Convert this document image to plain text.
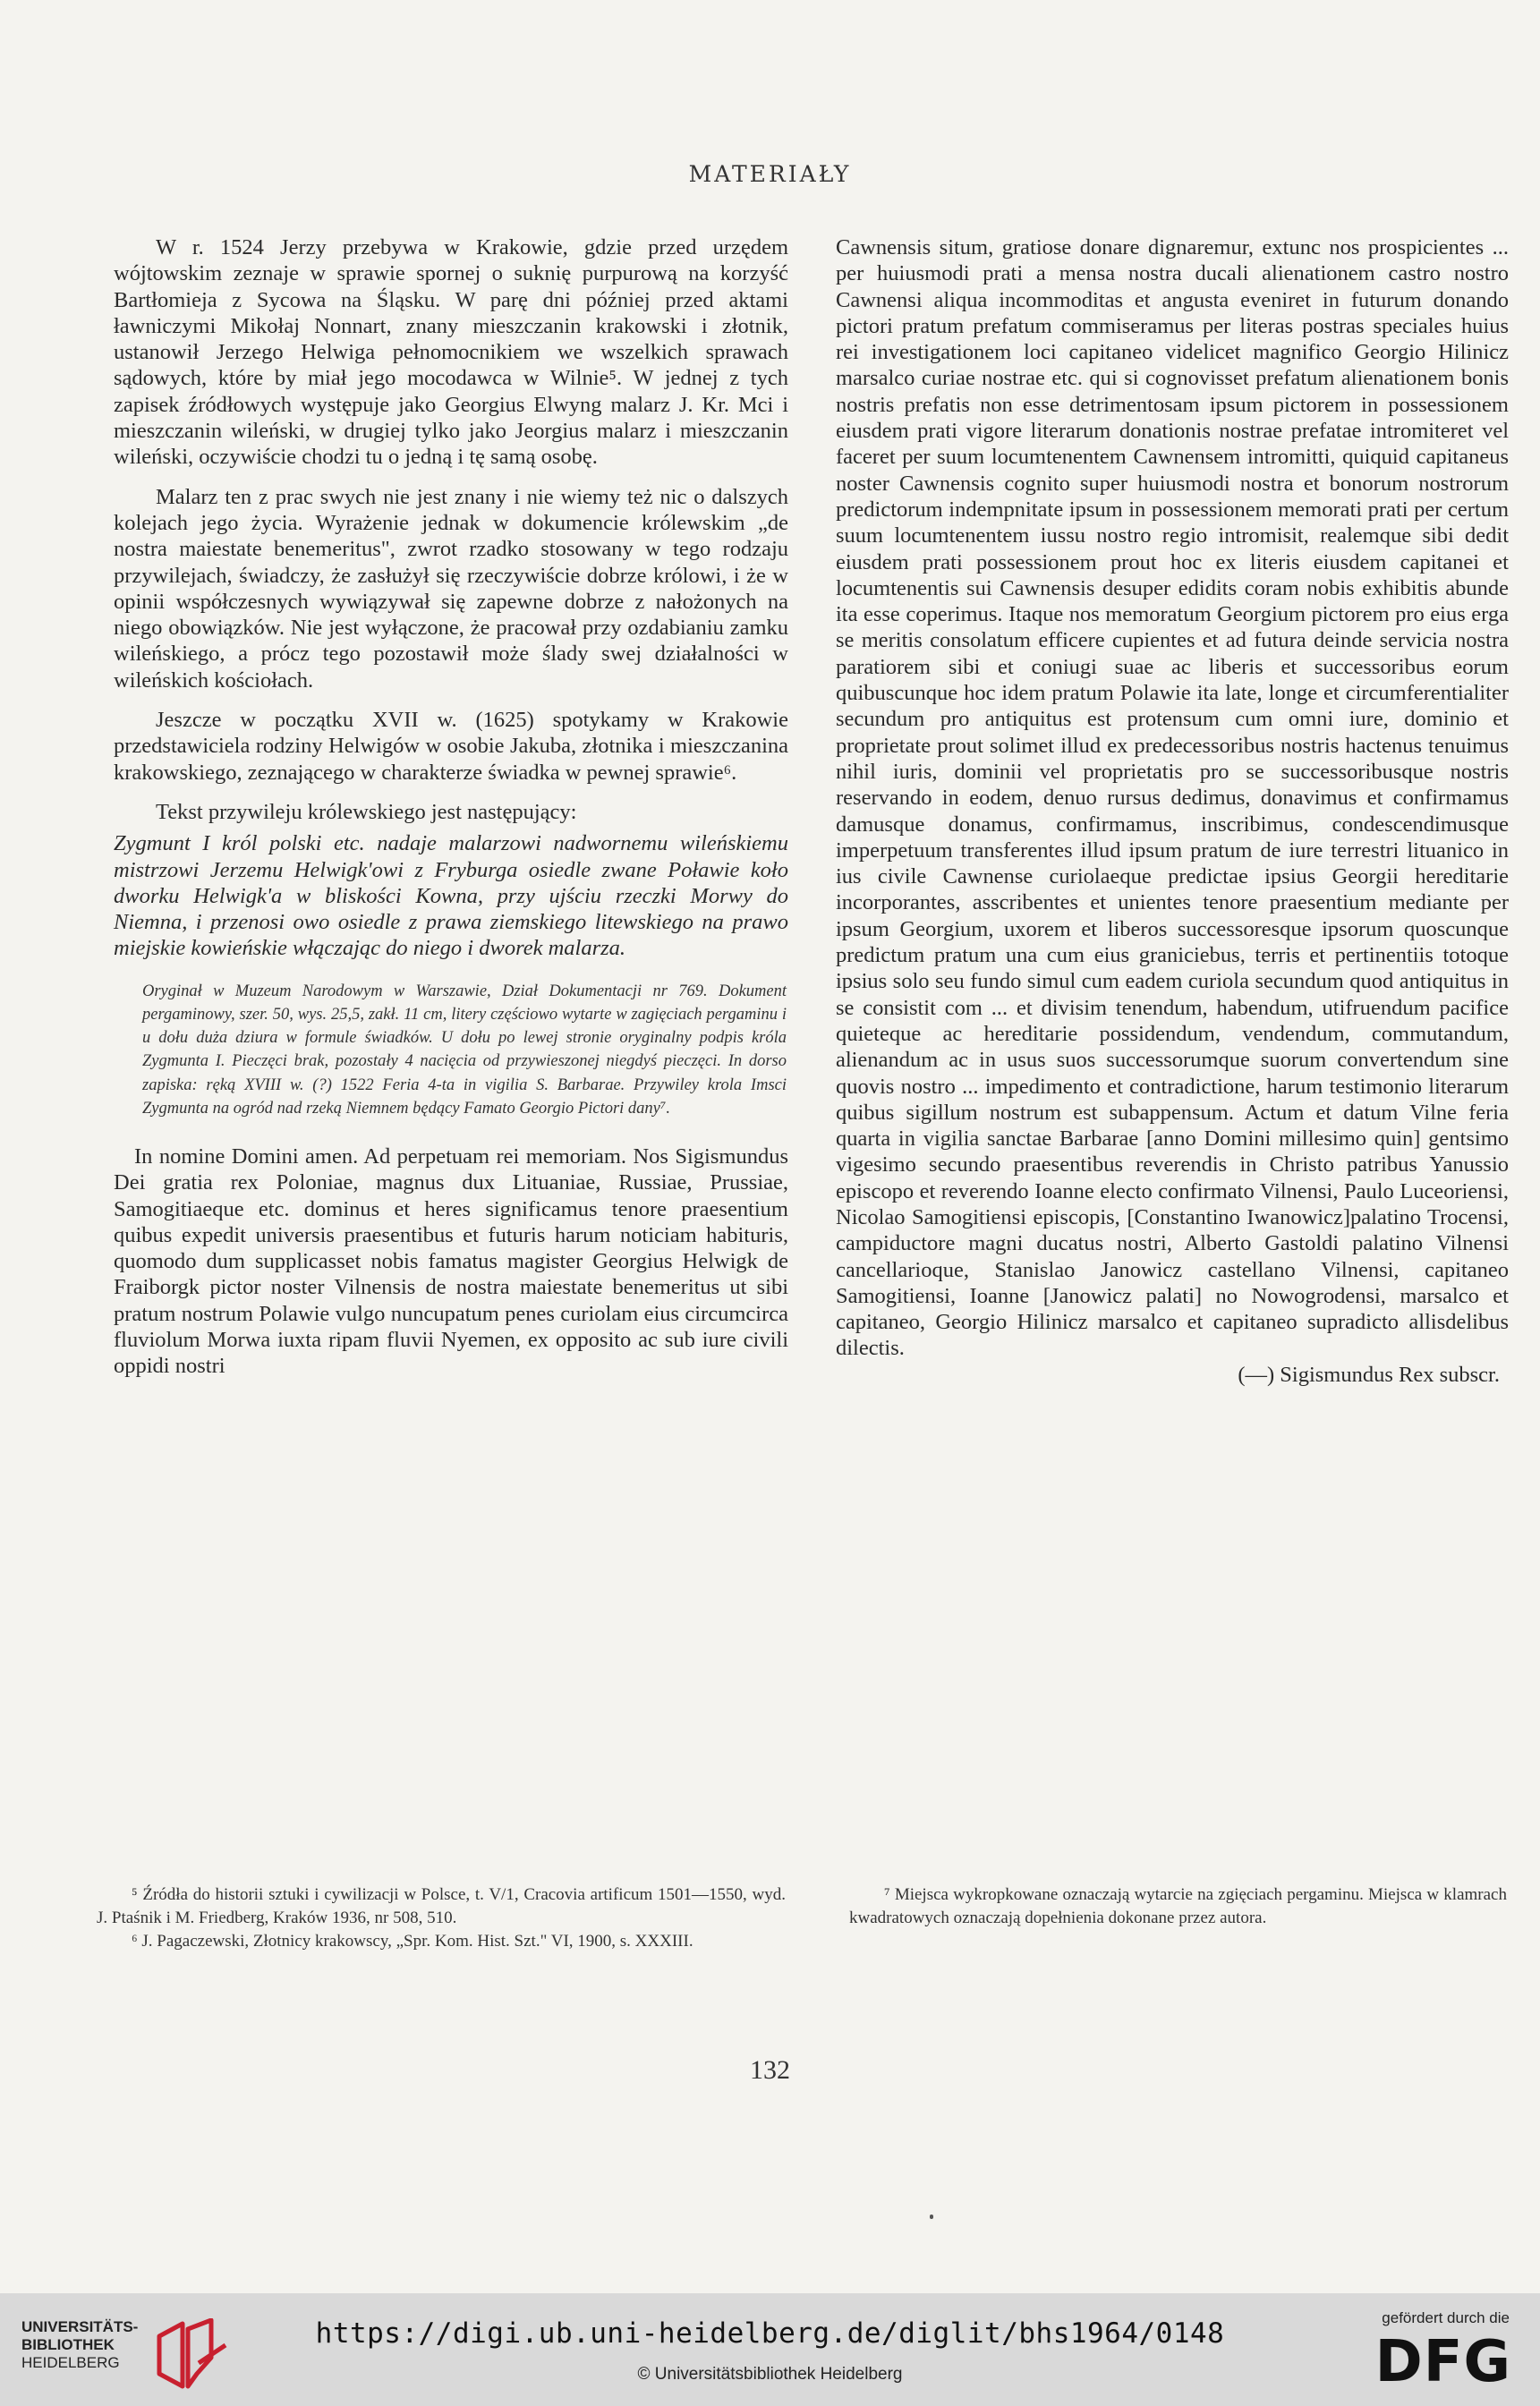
MATERIAŁY

W r. 1524 Jerzy przebywa w Krakowie, gdzie przed urzędem wójtowskim zeznaje w sprawie spornej o suknię purpurową na korzyść Bartłomieja z Sycowa na Śląsku. W parę dni później przed aktami ławniczymi Mikołaj Nonnart, znany mieszczanin krakowski i złotnik, ustanowił Jerzego Helwiga pełnomocnikiem we wszelkich sprawach sądowych, które by miał jego mocodawca w Wilnie⁵. W jednej z tych zapisek źródłowych występuje jako Georgius Elwyng malarz J. Kr. Mci i mieszczanin wileński, w drugiej tylko jako Jeorgius malarz i mieszczanin wileński, oczywiście chodzi tu o jedną i tę samą osobę.

Malarz ten z prac swych nie jest znany i nie wiemy też nic o dalszych kolejach jego życia. Wyrażenie jednak w dokumencie królewskim „de nostra maiestate benemeritus", zwrot rzadko stosowany w tego rodzaju przywilejach, świadczy, że zasłużył się rzeczywiście dobrze królowi, i że w opinii współczesnych wywiązywał się zapewne dobrze z nałożonych na niego obowiązków. Nie jest wyłączone, że pracował przy ozdabianiu zamku wileńskiego, a prócz tego pozostawił może ślady swej działalności w wileńskich kościołach.

Jeszcze w początku XVII w. (1625) spotykamy w Krakowie przedstawiciela rodziny Helwigów w osobie Jakuba, złotnika i mieszczanina krakowskiego, zeznającego w charakterze świadka w pewnej sprawie⁶.

Tekst przywileju królewskiego jest następujący:

Zygmunt I król polski etc. nadaje malarzowi nadwornemu wileńskiemu mistrzowi Jerzemu Helwigk'owi z Fryburga osiedle zwane Poławie koło dworku Helwigk'a w bliskości Kowna, przy ujściu rzeczki Morwy do Niemna, i przenosi owo osiedle z prawa ziemskiego litewskiego na prawo miejskie kowieńskie włączając do niego i dworek malarza.

Oryginał w Muzeum Narodowym w Warszawie, Dział Dokumentacji nr 769. Dokument pergaminowy, szer. 50, wys. 25,5, zakł. 11 cm, litery częściowo wytarte w zagięciach pergaminu i u dołu duża dziura w formule świadków. U dołu po lewej stronie oryginalny podpis króla Zygmunta I. Pieczęci brak, pozostały 4 nacięcia od przywieszonej niegdyś pieczęci. In dorso zapiska: ręką XVIII w. (?) 1522 Feria 4-ta in vigilia S. Barbarae. Przywiley krola Imsci Zygmunta na ogród nad rzeką Niemnem będący Famato Georgio Pictori dany⁷.

In nomine Domini amen. Ad perpetuam rei memoriam. Nos Sigismundus Dei gratia rex Poloniae, magnus dux Lituaniae, Russiae, Prussiae, Samogitiaeque etc. dominus et heres significamus tenore praesentium quibus expedit universis praesentibus et futuris harum noticiam habituris, quomodo dum supplicasset nobis famatus magister Georgius Helwigk de Fraiborgk pictor noster Vilnensis de nostra maiestate benemeritus ut sibi pratum nostrum Polawie vulgo nuncupatum penes curiolam eius circumcirca fluviolum Morwa iuxta ripam fluvii Nyemen, ex opposito ac sub iure civili oppidi nostri

Cawnensis situm, gratiose donare dignaremur, extunc nos prospicientes ... per huiusmodi prati a mensa nostra ducali alienationem castro nostro Cawnensi aliqua incommoditas et angusta eveniret in futurum donando pictori pratum prefatum commiseramus per literas postras speciales huius rei investigationem loci capitaneo videlicet magnifico Georgio Hilinicz marsalco curiae nostrae etc. qui si cognovisset prefatum alienationem bonis nostris prefatis non esse detrimentosam ipsum pictorem in possessionem eiusdem prati vigore literarum donationis nostrae prefatae intromiteret vel faceret per suum locumtenentem Cawnensem intromitti, quiquid capitaneus noster Cawnensis cognito super huiusmodi nostra et bonorum nostrorum predictorum indempnitate ipsum in possessionem memorati prati per certum suum locumtenentem iussu nostro regio intromisit, realemque sibi dedit eiusdem prati possessionem prout hoc ex literis eiusdem capitanei et locumtenentis sui Cawnensis desuper edidits coram nobis exhibitis abunde ita esse coperimus. Itaque nos memoratum Georgium pictorem pro eius erga se meritis consolatum efficere cupientes et ad futura deinde servicia nostra paratiorem sibi et coniugi suae ac liberis et successoribus eorum quibuscunque hoc idem pratum Polawie ita late, longe et circumferentialiter secundum pro antiquitus est protensum cum omni iure, dominio et proprietate prout solimet illud ex predecessoribus nostris hactenus tenuimus nihil iuris, dominii vel proprietatis pro se successoribusque nostris reservando in eodem, denuo rursus dedimus, donavimus et confirmamus damusque donamus, confirmamus, inscribimus, condescendimusque imperpetuum transferentes illud ipsum pratum de iure terrestri lituanico in ius civile Cawnense curiolaeque predictae ipsius Georgii hereditarie incorporantes, asscribentes et unientes tenore praesentium mediante per ipsum Georgium, uxorem et liberos successoresque ipsorum quoscunque predictum pratum una cum eius graniciebus, terris et pertinentiis totoque ipsius solo seu fundo simul cum eadem curiola secundum quod antiquitus in se consistit com ... et divisim tenendum, habendum, utifruendum pacifice quieteque ac hereditarie possidendum, vendendum, commutandum, alienandum ac in usus suos successorumque suorum convertendum sine quovis nostro ... impedimento et contradictione, harum testimonio literarum quibus sigillum nostrum est subappensum. Actum et datum Vilne feria quarta in vigilia sanctae Barbarae [anno Domini millesimo quin] gentsimo vigesimo secundo praesentibus reverendis in Christo patribus Yanussio episcopo et reverendo Ioanne electo confirmato Vilnensi, Paulo Luceoriensi, Nicolao Samogitiensi episcopis, [Constantino Iwanowicz]palatino Trocensi, campiductore magni ducatus nostri, Alberto Gastoldi palatino Vilnensi cancellarioque, Stanislao Janowicz castellano Vilnensi, capitaneo Samogitiensi, Ioanne [Janowicz palati] no Nowogrodensi, marsalco et capitaneo, Georgio Hilinicz marsalco et capitaneo supradicto allisdelibus dilectis.

(—) Sigismundus Rex subscr.

⁵ Źródła do historii sztuki i cywilizacji w Polsce, t. V/1, Cracovia artificum 1501—1550, wyd. J. Ptaśnik i M. Friedberg, Kraków 1936, nr 508, 510.

⁶ J. Pagaczewski, Złotnicy krakowscy, „Spr. Kom. Hist. Szt." VI, 1900, s. XXXIII.

⁷ Miejsca wykropkowane oznaczają wytarcie na zgięciach pergaminu. Miejsca w klamrach kwadratowych oznaczają dopełnienia dokonane przez autora.

132
UNIVERSITÄTS-
BIBLIOTHEK
HEIDELBERG
https://digi.ub.uni-heidelberg.de/diglit/bhs1964/0148
© Universitätsbibliothek Heidelberg
gefördert durch die
DFG
